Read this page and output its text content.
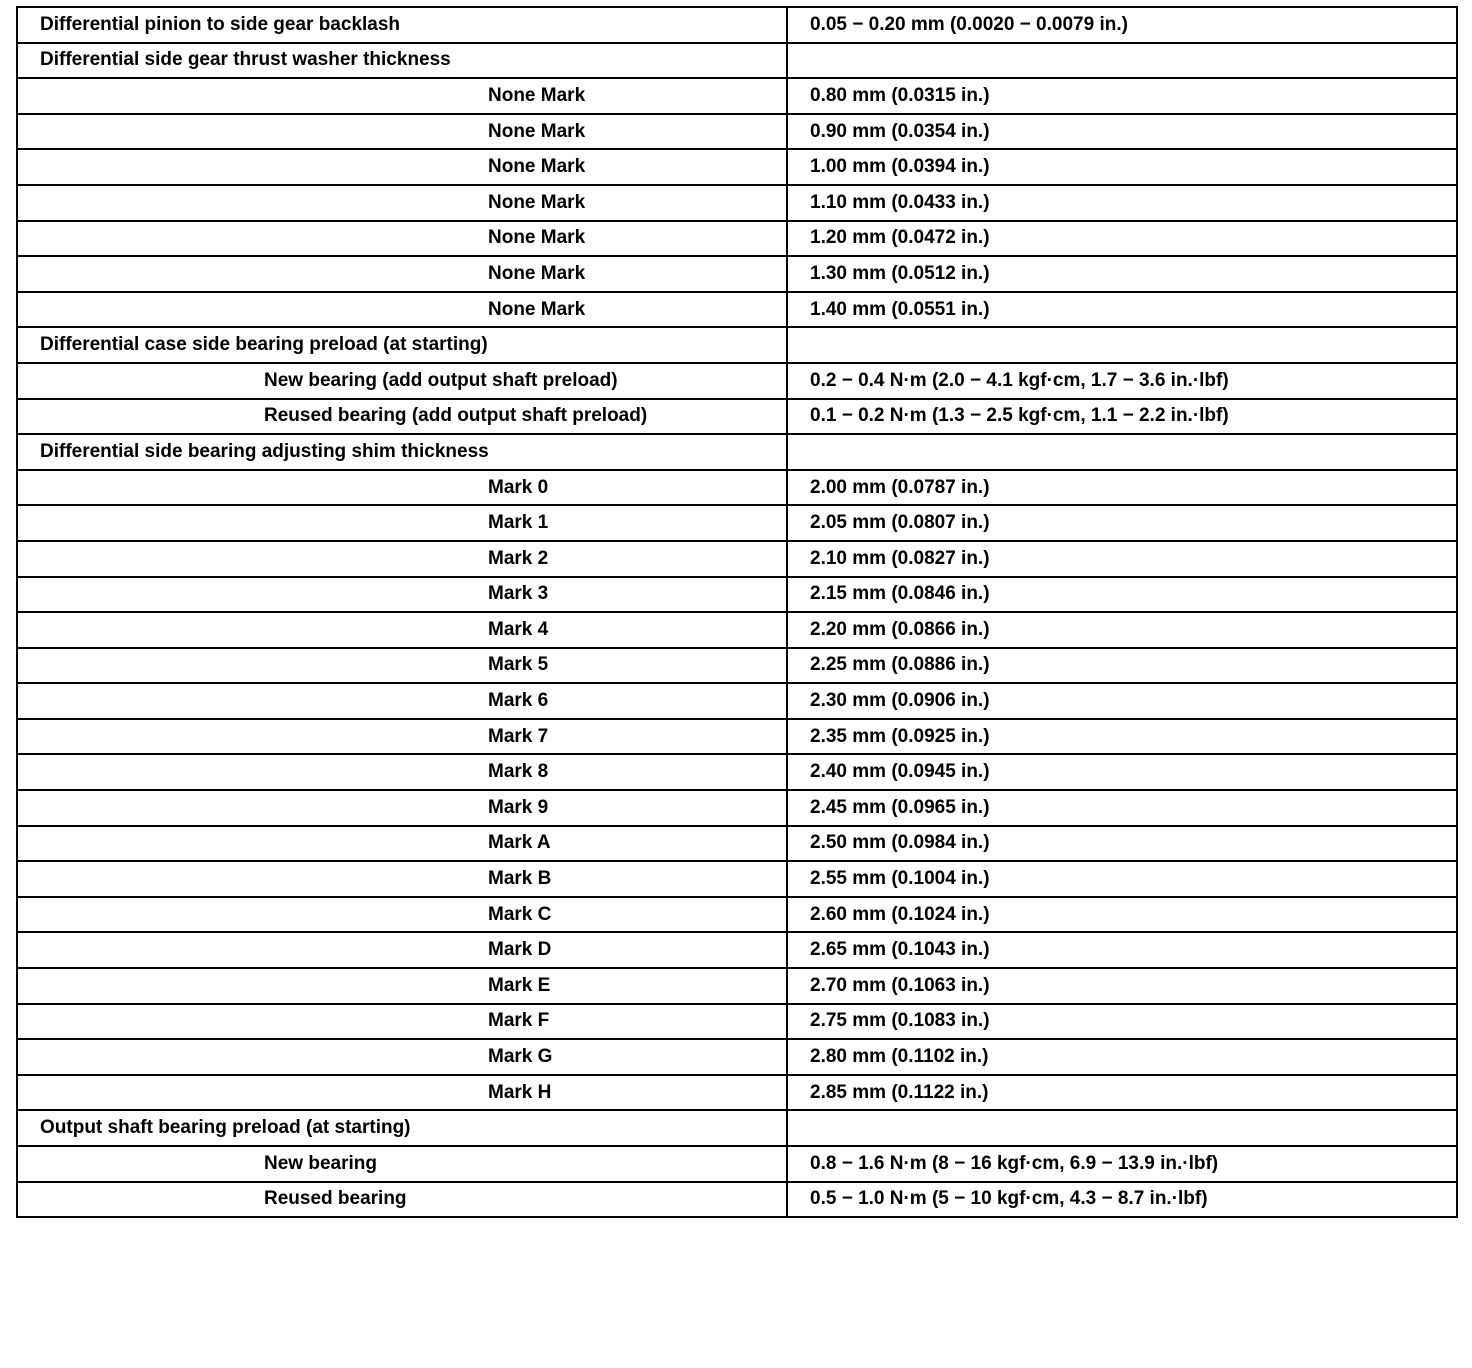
Differential pinion to side gear backlash	0.05 − 0.20 mm (0.0020 − 0.0079 in.)
Differential side gear thrust washer thickness	
None Mark	0.80 mm (0.0315 in.)
None Mark	0.90 mm (0.0354 in.)
None Mark	1.00 mm (0.0394 in.)
None Mark	1.10 mm (0.0433 in.)
None Mark	1.20 mm (0.0472 in.)
None Mark	1.30 mm (0.0512 in.)
None Mark	1.40 mm (0.0551 in.)
Differential case side bearing preload (at starting)	
New bearing (add output shaft preload)	0.2 − 0.4 N·m (2.0 − 4.1 kgf·cm, 1.7 − 3.6 in.·lbf)
Reused bearing (add output shaft preload)	0.1 − 0.2 N·m (1.3 − 2.5 kgf·cm, 1.1 − 2.2 in.·lbf)
Differential side bearing adjusting shim thickness	
Mark 0	2.00 mm (0.0787 in.)
Mark 1	2.05 mm (0.0807 in.)
Mark 2	2.10 mm (0.0827 in.)
Mark 3	2.15 mm (0.0846 in.)
Mark 4	2.20 mm (0.0866 in.)
Mark 5	2.25 mm (0.0886 in.)
Mark 6	2.30 mm (0.0906 in.)
Mark 7	2.35 mm (0.0925 in.)
Mark 8	2.40 mm (0.0945 in.)
Mark 9	2.45 mm (0.0965 in.)
Mark A	2.50 mm (0.0984 in.)
Mark B	2.55 mm (0.1004 in.)
Mark C	2.60 mm (0.1024 in.)
Mark D	2.65 mm (0.1043 in.)
Mark E	2.70 mm (0.1063 in.)
Mark F	2.75 mm (0.1083 in.)
Mark G	2.80 mm (0.1102 in.)
Mark H	2.85 mm (0.1122 in.)
Output shaft bearing preload (at starting)	
New bearing	0.8 − 1.6 N·m (8 − 16 kgf·cm, 6.9 − 13.9 in.·lbf)
Reused bearing	0.5 − 1.0 N·m (5 − 10 kgf·cm, 4.3 − 8.7 in.·lbf)
